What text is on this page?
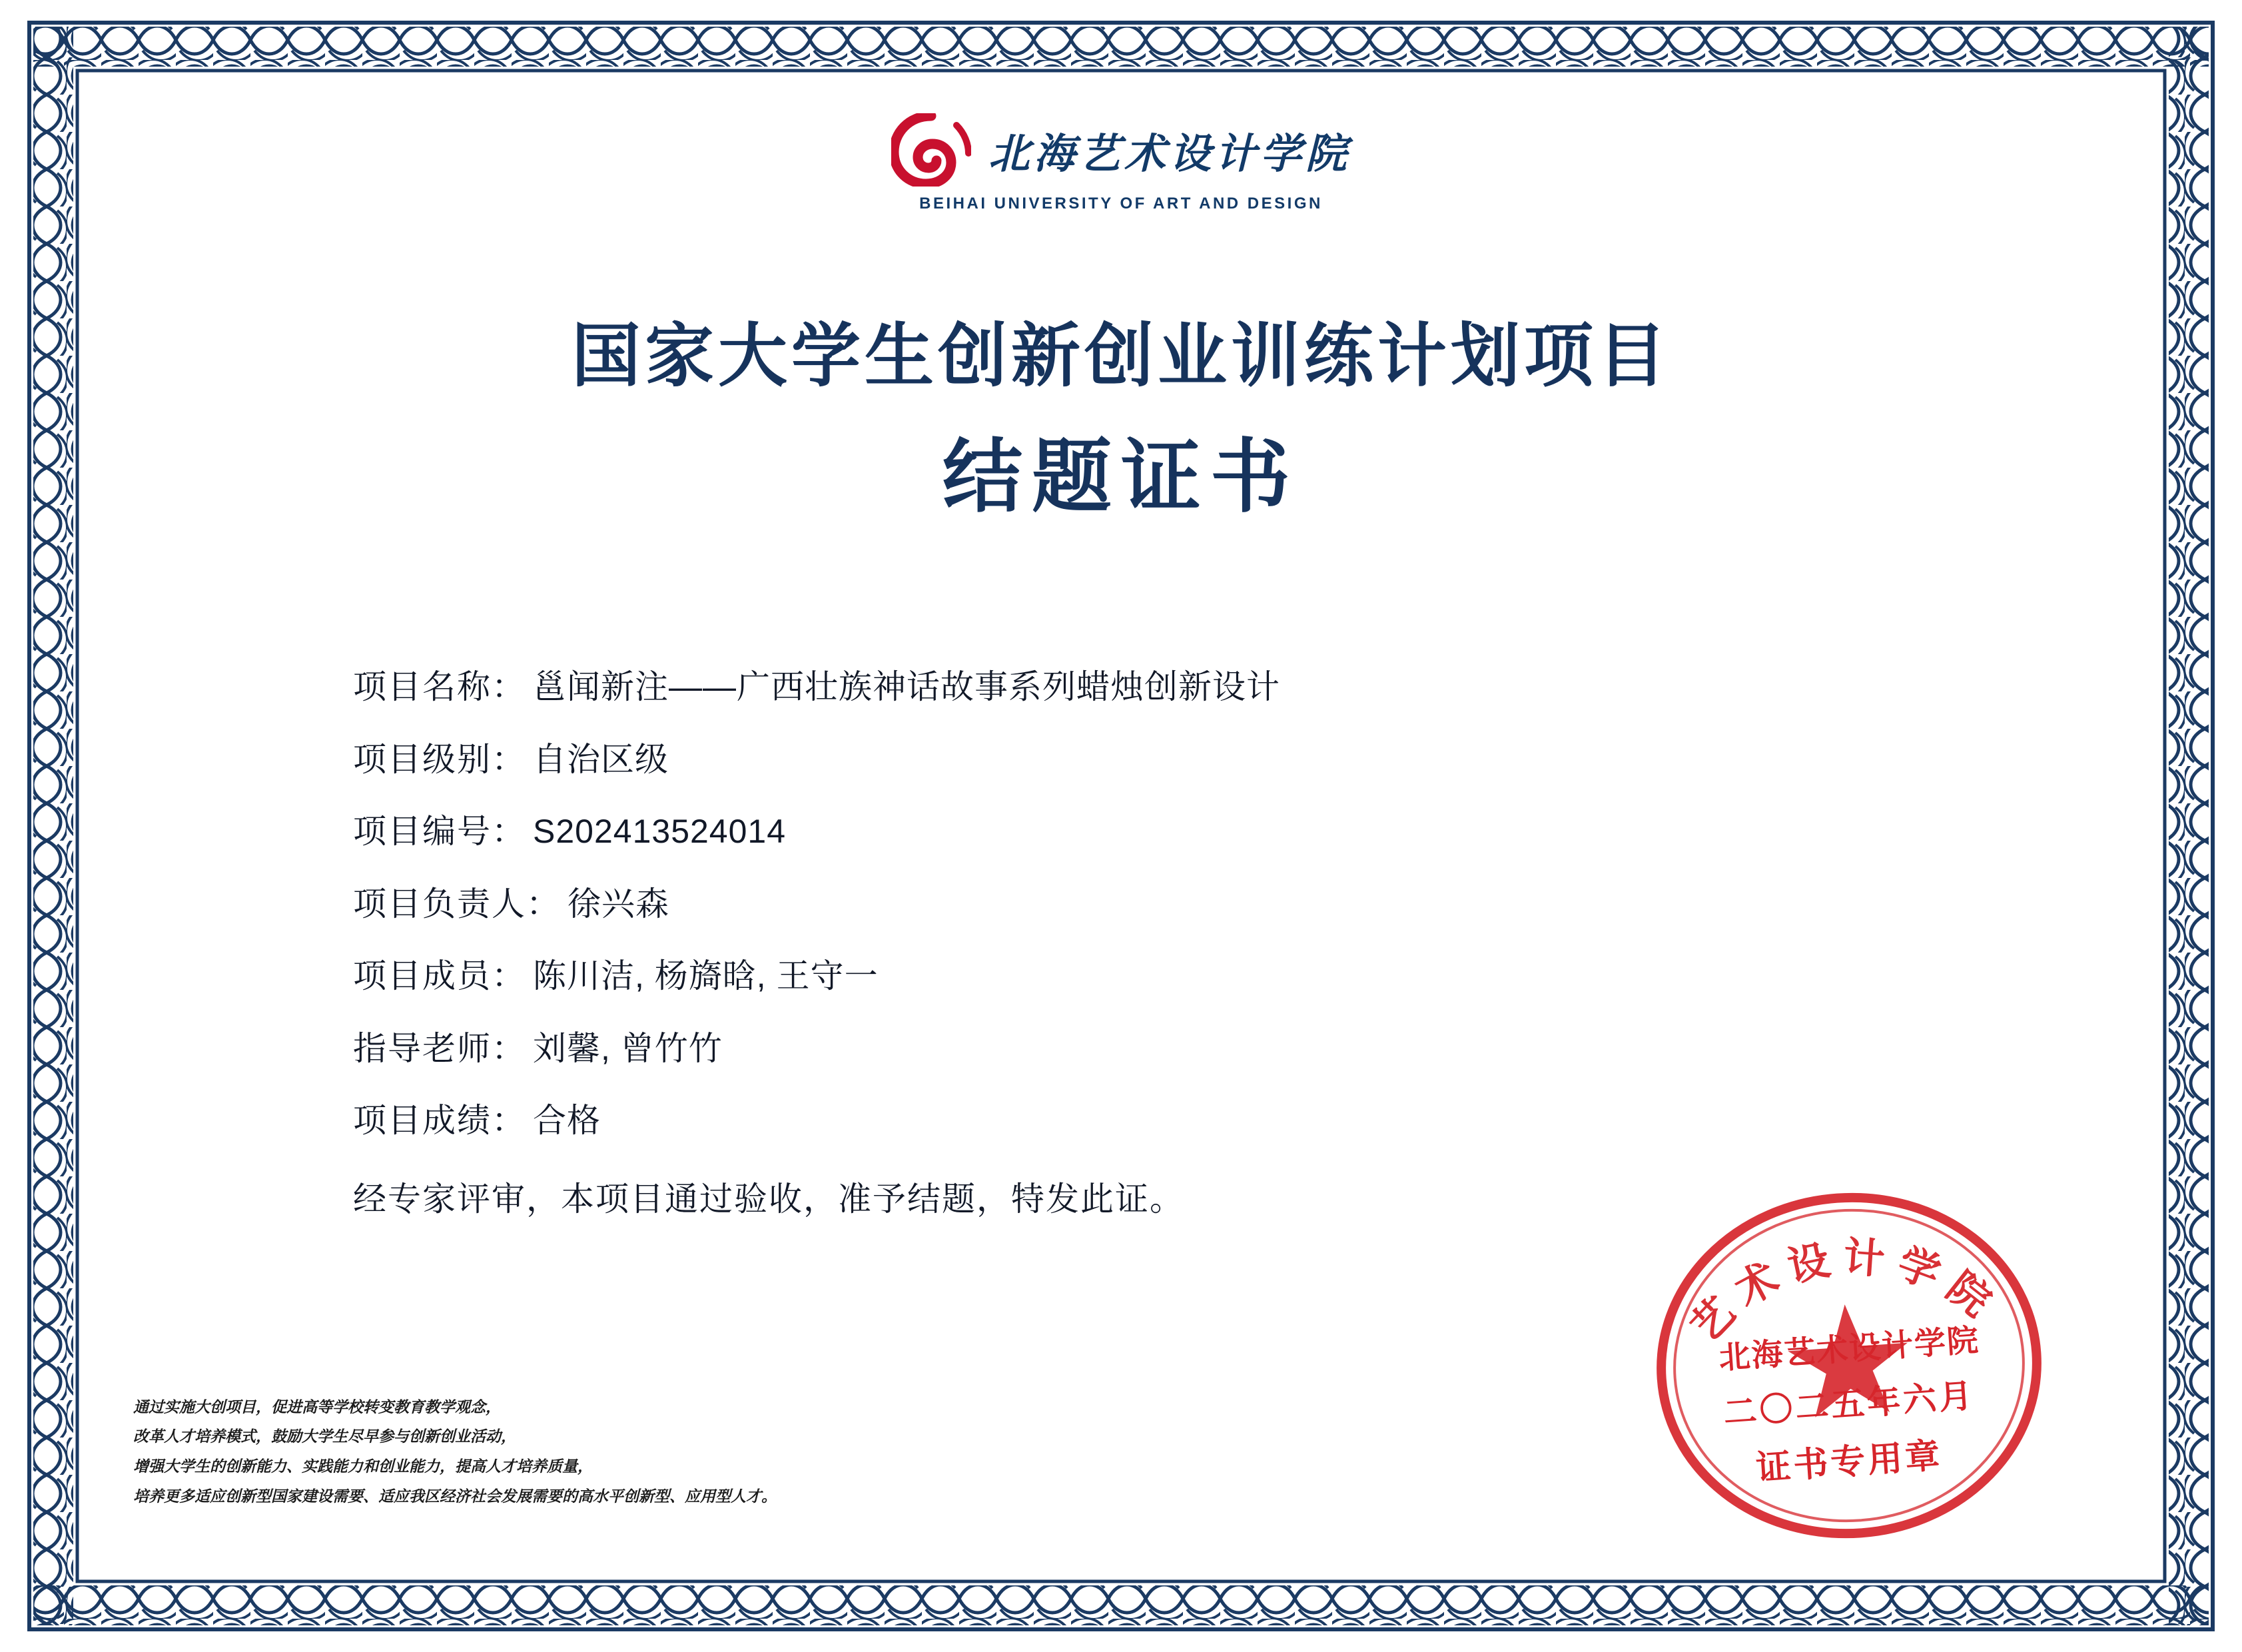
北海艺术设计学院
BEIHAI UNIVERSITY OF ART AND DESIGN
国家大学生创新创业训练计划项目
结题证书
项目名称： 邕闻新注——广西壮族神话故事系列蜡烛创新设计
项目级别： 自治区级
项目编号： S202413524014
项目负责人： 徐兴森
项目成员： 陈川洁, 杨旖晗, 王守一
指导老师： 刘馨, 曾竹竹
项目成绩： 合格
经专家评审，本项目通过验收，准予结题，特发此证。
通过实施大创项目，促进高等学校转变教育教学观念，
改革人才培养模式，鼓励大学生尽早参与创新创业活动，
增强大学生的创新能力、实践能力和创业能力，提高人才培养质量，
培养更多适应创新型国家建设需要、适应我区经济社会发展需要的高水平创新型、应用型人才。
艺术设计学院
北海艺术设计学院
二〇二五年六月
证书专用章
